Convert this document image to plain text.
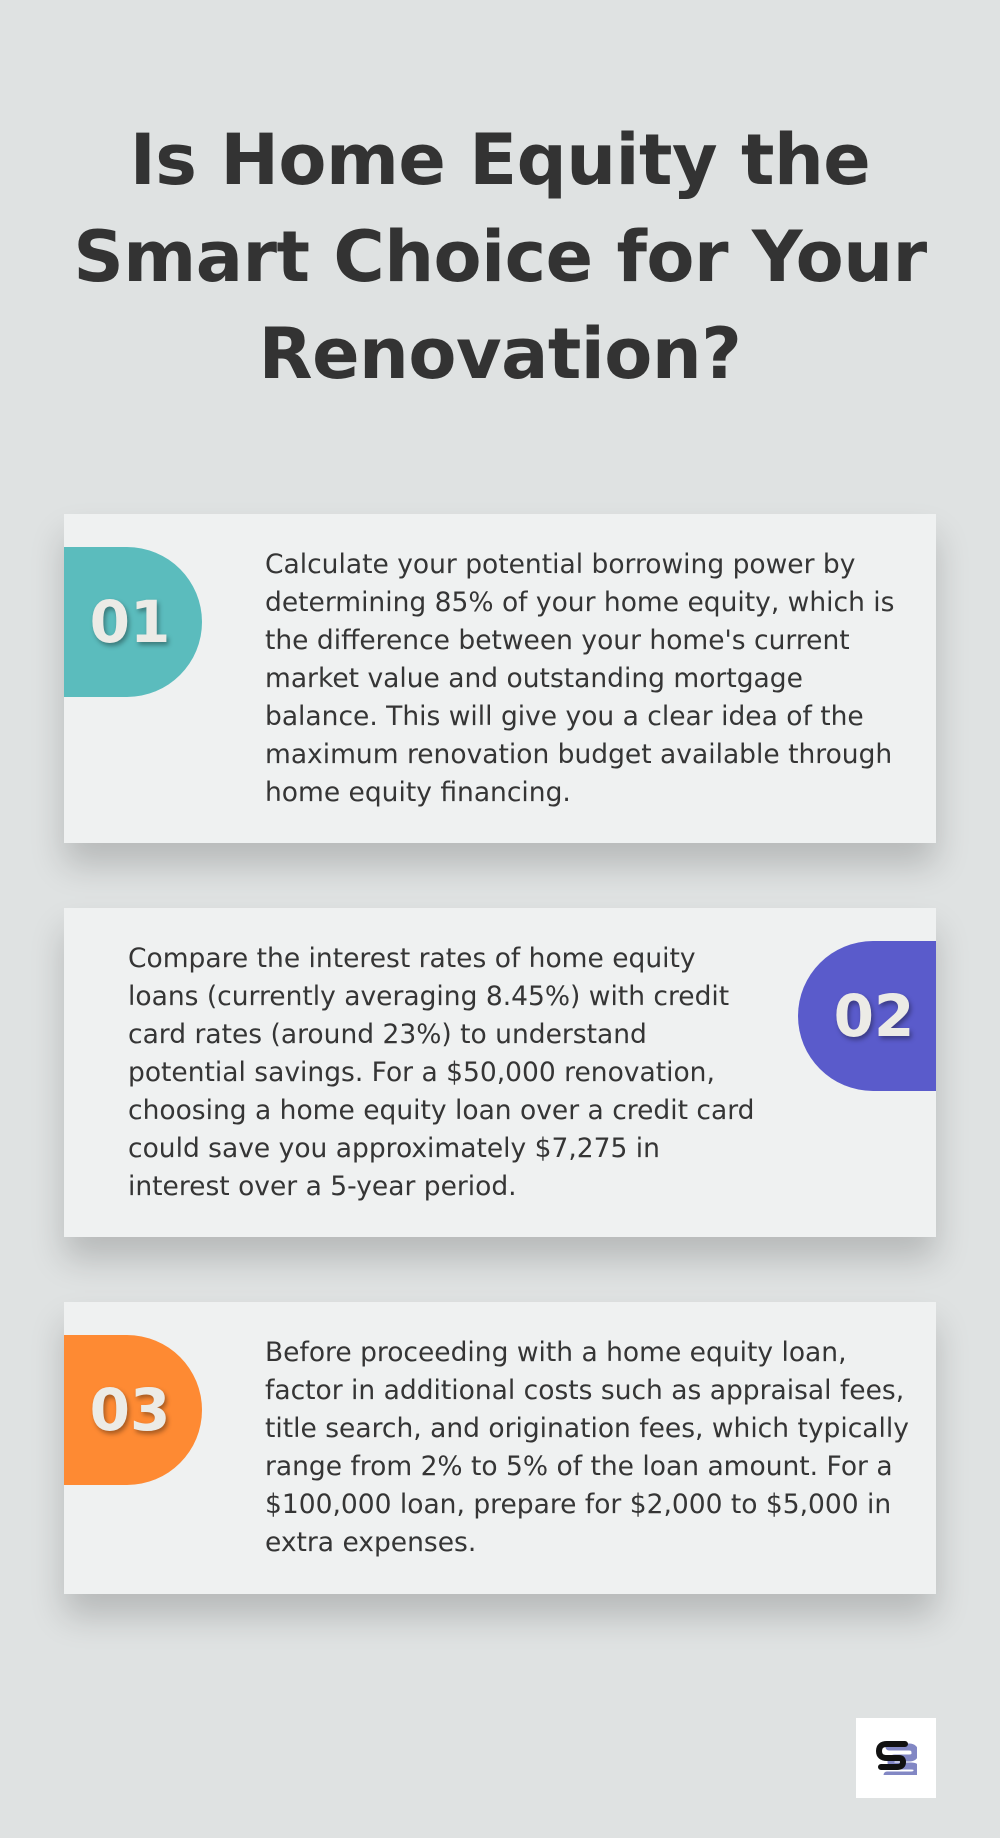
Is Home Equity the Smart Choice for Your Renovation?
01

Calculate your potential borrowing power by determining 85% of your home equity, which is the difference between your home's current market value and outstanding mortgage balance. This will give you a clear idea of the maximum renovation budget available through home equity financing.

Compare the interest rates of home equity loans (currently averaging 8.45%) with credit card rates (around 23%) to understand potential savings. For a $50,000 renovation, choosing a home equity loan over a credit card could save you approximately $7,275 in interest over a 5-year period.

02
03

Before proceeding with a home equity loan, factor in additional costs such as appraisal fees, title search, and origination fees, which typically range from 2% to 5% of the loan amount. For a $100,000 loan, prepare for $2,000 to $5,000 in extra expenses.
